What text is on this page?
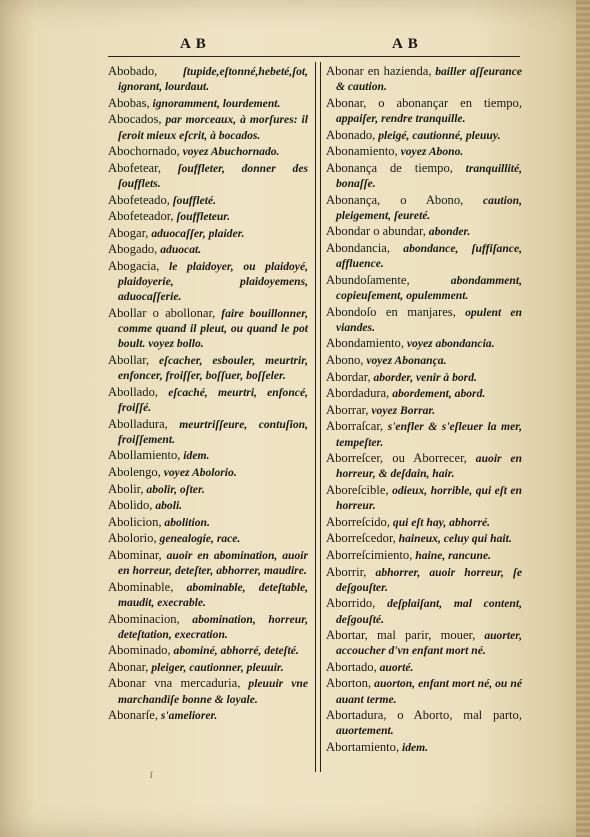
A B	A B

Abobado, ſtupide,eſtonné,hebeté,ſot, ignorant, lourdaut.

Abobas, ignoramment, lourdement.

Abocados, par morceaux, à morſures: il ſeroit mieux eſcrit, à bocados.

Abochornado, voyez Abuchornado.

Abofetear, ſouffleter, donner des ſoufflets.

Abofeteado, ſouffleté.

Abofeteador, ſouffleteur.

Abogar, aduocaſſer, plaider.

Abogado, aduocat.

Abogacia, le plaidoyer, ou plaidoyé, plaidoyerie, plaidoyemens, aduocaſſerie.

Abollar o abollonar, faire bouillonner, comme quand il pleut, ou quand le pot boult. voyez bollo.

Abollar, eſcacher, esbouler, meurtrir, enfoncer, froiſſer, boſſuer, boſſeler.

Abollado, eſcaché, meurtri, enfoncé, froiſſé.

Abolladura, meurtriſſeure, contuſion, froiſſement.

Abollamiento, idem.

Abolengo, voyez Abolorio.

Abolir, abolir, oſter.

Abolido, aboli.

Abolicion, abolition.

Abolorio, genealogie, race.

Abominar, auoir en abomination, auoir en horreur, deteſter, abhorrer, maudire.

Abominable, abominable, deteſtable, maudit, execrable.

Abominacion, abomination, horreur, deteſtation, execration.

Abominado, abominé, abhorré, deteſté.

Abonar, pleiger, cautionner, pleuuir.

Abonar vna mercaduria, pleuuir vne marchandiſe bonne & loyale.

Abonarſe, s'ameliorer.

Abonar en hazienda, bailler aſſeurance & caution.

Abonar, o abonançar en tiempo, appaiſer, rendre tranquille.

Abonado, pleigé, cautionné, pleuuy.

Abonamiento, voyez Abono.

Abonança de tiempo, tranquillité, bonaſſe.

Abonança, o Abono, caution, pleigement, ſeureté.

Abondar o abundar, abonder.

Abondancia, abondance, ſuffiſance, affluence.

Abundoſamente, abondamment, copieuſement, opulemment.

Abondoſo en manjares, opulent en viandes.

Abondamiento, voyez abondancia.

Abono, voyez Abonança.

Abordar, aborder, venir à bord.

Abordadura, abordement, abord.

Aborrar, voyez Borrar.

Aborraſcar, s'enfler & s'eſleuer la mer, tempeſter.

Aborreſcer, ou Aborrecer, auoir en horreur, & deſdain, hair.

Aboreſcible, odieux, horrible, qui eſt en horreur.

Aborreſcido, qui eſt hay, abhorré.

Aborreſcedor, haineux, celuy qui hait.

Aborreſcimiento, haine, rancune.

Aborrir, abhorrer, auoir horreur, ſe deſgouſter.

Aborrido, deſplaiſant, mal content, deſgouſté.

Abortar, mal parir, mouer, auorter, accoucher d'vn enfant mort né.

Abortado, auorté.

Aborton, auorton, enfant mort né, ou né auant terme.

Abortadura, o Aborto, mal parto, auortement.

Abortamiento, idem.

ſ
